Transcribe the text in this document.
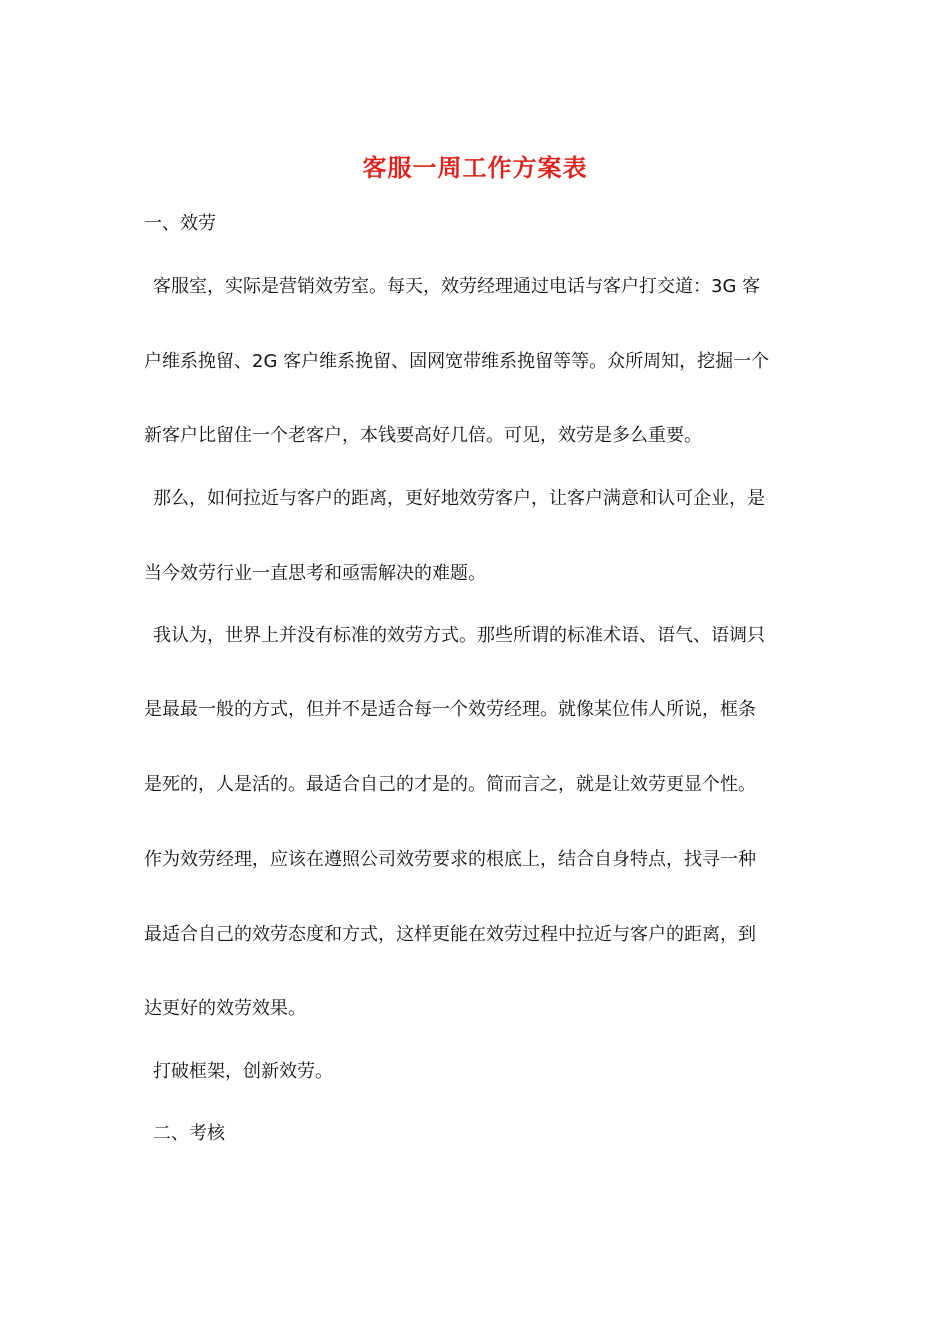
客服一周工作方案表
一、效劳
客服室，实际是营销效劳室。每天，效劳经理通过电话与客户打交道：3G 客
户维系挽留、2G 客户维系挽留、固网宽带维系挽留等等。众所周知，挖掘一个
新客户比留住一个老客户，本钱要高好几倍。可见，效劳是多么重要。
那么，如何拉近与客户的距离，更好地效劳客户，让客户满意和认可企业，是
当今效劳行业一直思考和亟需解决的难题。
我认为，世界上并没有标准的效劳方式。那些所谓的标准术语、语气、语调只
是最最一般的方式，但并不是适合每一个效劳经理。就像某位伟人所说，框条
是死的，人是活的。最适合自己的才是的。简而言之，就是让效劳更显个性。
作为效劳经理，应该在遵照公司效劳要求的根底上，结合自身特点，找寻一种
最适合自己的效劳态度和方式，这样更能在效劳过程中拉近与客户的距离，到
达更好的效劳效果。
打破框架，创新效劳。
二、考核
